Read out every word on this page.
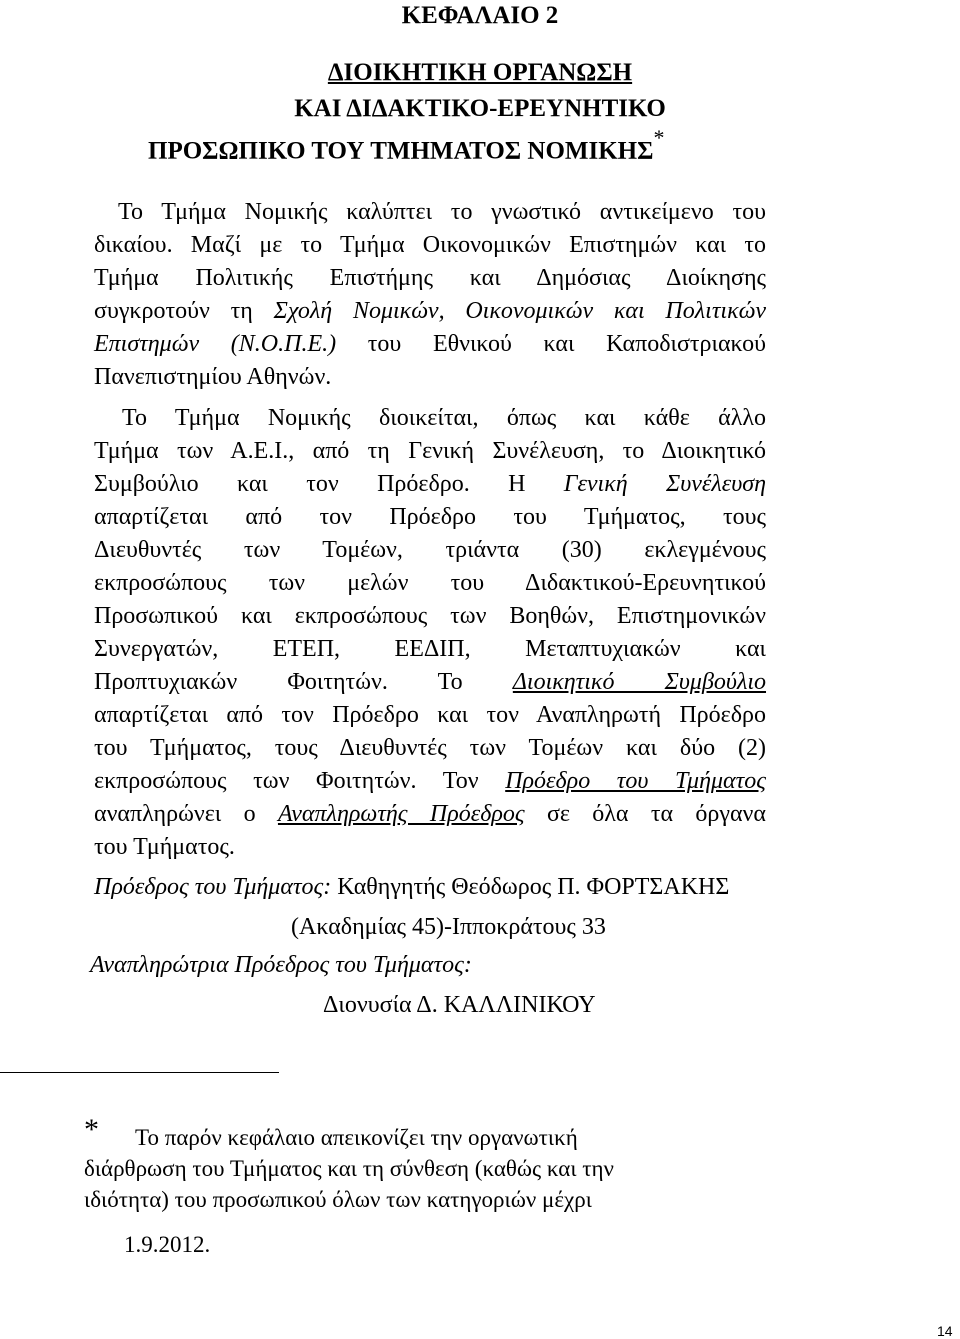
ΚΕΦΑΛΑΙΟ 2
ΔΙΟΙΚΗΤΙΚΗ ΟΡΓΑΝΩΣΗ
ΚΑΙ ΔΙΔΑΚΤΙΚΟ-ΕΡΕΥΝΗΤΙΚΟ
ΠΡΟΣΩΠΙΚΟ ΤΟΥ ΤΜΗΜΑΤΟΣ ΝΟΜΙΚΗΣ*
Το Τμήμα Νομικής καλύπτει το γνωστικό αντικείμενο του
δικαίου. Μαζί με το Τμήμα Οικονομικών Επιστημών και το
Τμήμα Πολιτικής Επιστήμης και Δημόσιας Διοίκησης
συγκροτούν τη Σχολή Νομικών, Οικονομικών και Πολιτικών
Επιστημών (Ν.Ο.Π.Ε.) του Εθνικού και Καποδιστριακού
Πανεπιστημίου Αθηνών.
Το Τμήμα Νομικής διοικείται, όπως και κάθε άλλο
Τμήμα των Α.Ε.Ι., από τη Γενική Συνέλευση, το Διοικητικό
Συμβούλιο και τον Πρόεδρο. Η Γενική Συνέλευση
απαρτίζεται από τον Πρόεδρο του Τμήματος, τους
Διευθυντές των Τομέων, τριάντα (30) εκλεγμένους
εκπροσώπους των μελών του Διδακτικού-Ερευνητικού
Προσωπικού και εκπροσώπους των Βοηθών, Επιστημονικών
Συνεργατών, ΕΤΕΠ, ΕΕΔΙΠ, Μεταπτυχιακών και
Προπτυχιακών Φοιτητών. Το Διοικητικό Συμβούλιο
απαρτίζεται από τον Πρόεδρο και τον Αναπληρωτή Πρόεδρο
του Τμήματος, τους Διευθυντές των Τομέων και δύο (2)
εκπροσώπους των Φοιτητών. Τον Πρόεδρο του Τμήματος
αναπληρώνει ο Αναπληρωτής Πρόεδρος σε όλα τα όργανα
του Τμήματος.
Πρόεδρος του Τμήματος: Καθηγητής Θεόδωρος Π. ΦΟΡΤΣΑΚΗΣ
(Ακαδημίας 45)-Ιπποκράτους 33
Αναπληρώτρια Πρόεδρος του Τμήματος:
Διονυσία Δ. ΚΑΛΛΙΝΙΚΟΥ
* Το παρόν κεφάλαιο απεικονίζει την οργανωτική
διάρθρωση του Τμήματος και τη σύνθεση (καθώς και την
ιδιότητα) του προσωπικού όλων των κατηγοριών μέχρι
1.9.2012.
14
